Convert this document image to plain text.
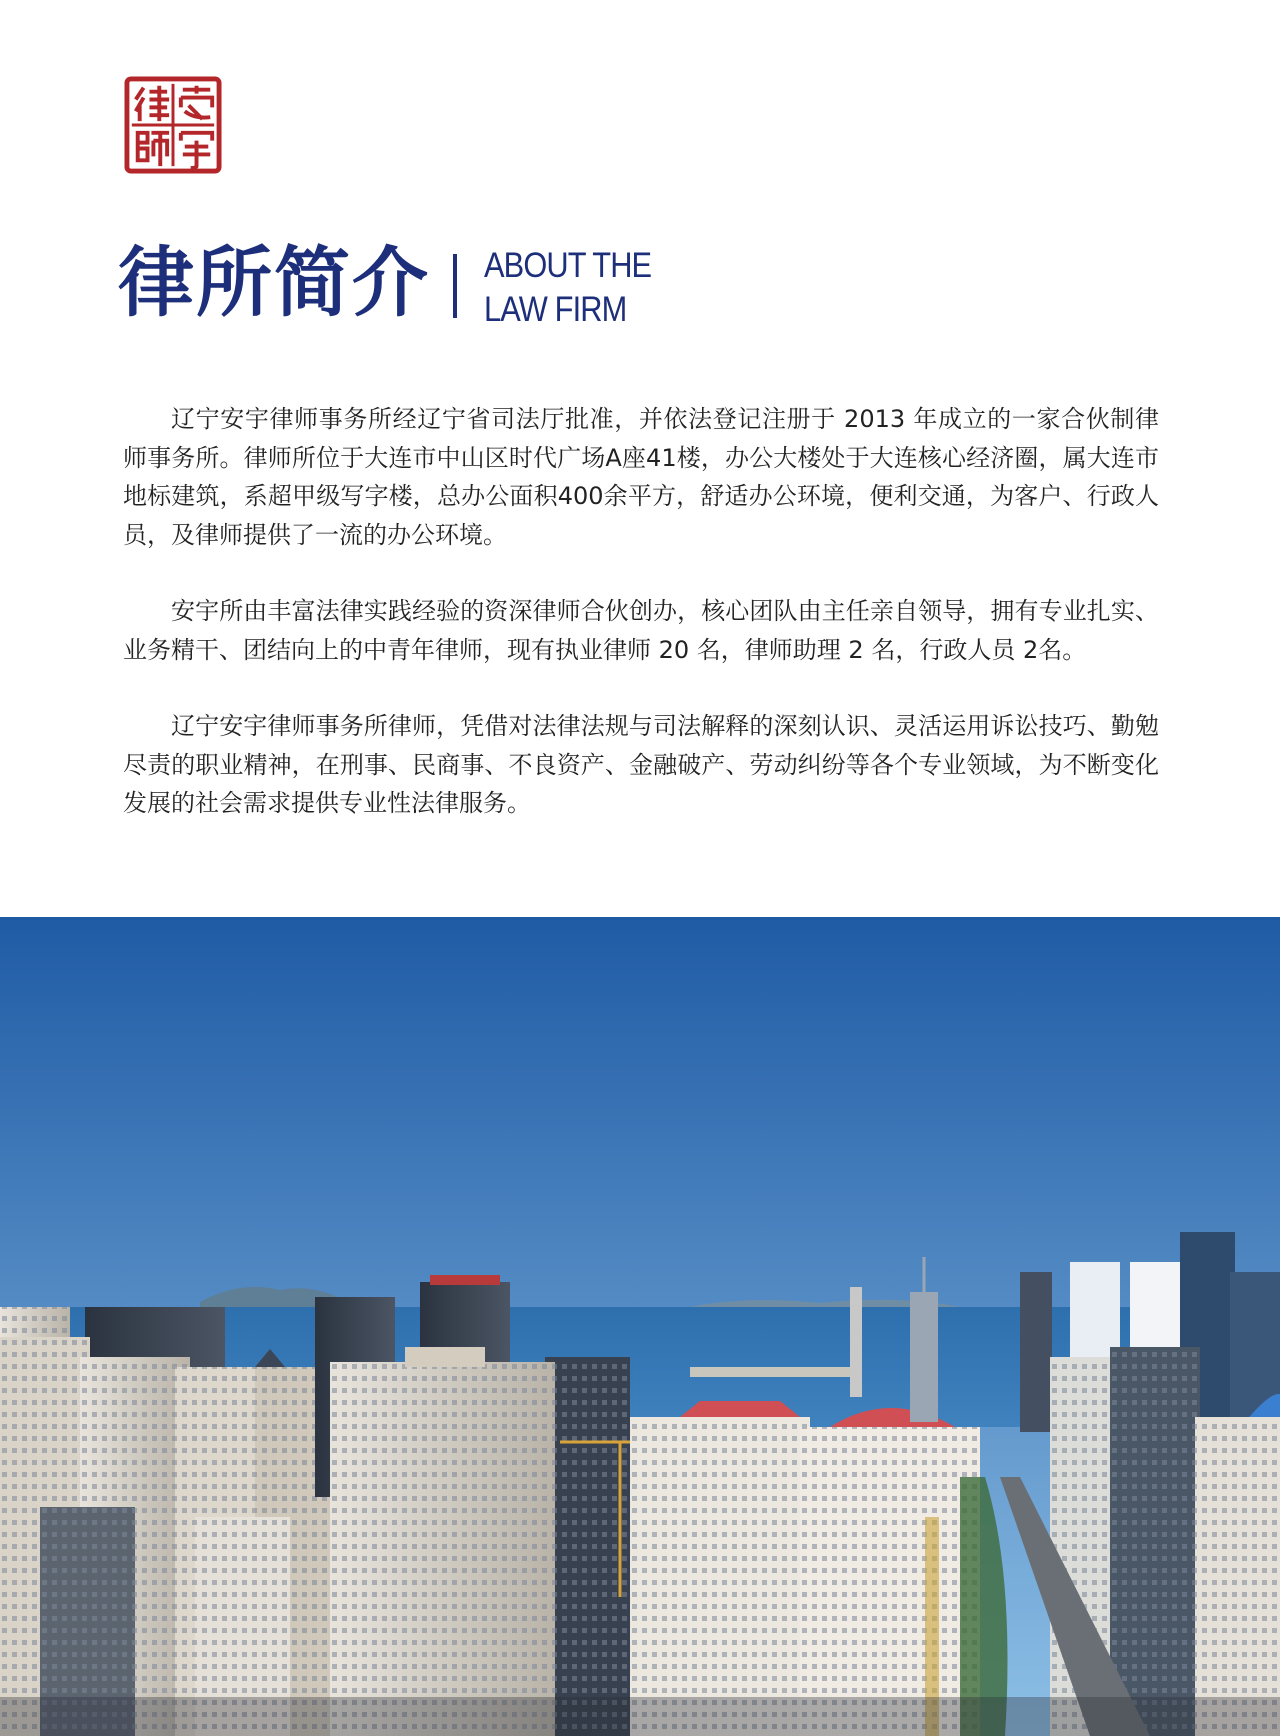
律所简介 ABOUT THE
LAW FIRM

辽宁安宇律师事务所经辽宁省司法厅批准，并依法登记注册于 2013 年成立的一家合伙制律师事务所。律师所位于大连市中山区时代广场A座41楼，办公大楼处于大连核心经济圈，属大连市地标建筑，系超甲级写字楼，总办公面积400余平方，舒适办公环境，便利交通，为客户、行政人员，及律师提供了一流的办公环境。

安宇所由丰富法律实践经验的资深律师合伙创办，核心团队由主任亲自领导，拥有专业扎实、业务精干、团结向上的中青年律师，现有执业律师 20 名，律师助理 2 名，行政人员 2名。

辽宁安宇律师事务所律师，凭借对法律法规与司法解释的深刻认识、灵活运用诉讼技巧、勤勉尽责的职业精神，在刑事、民商事、不良资产、金融破产、劳动纠纷等各个专业领域，为不断变化发展的社会需求提供专业性法律服务。
